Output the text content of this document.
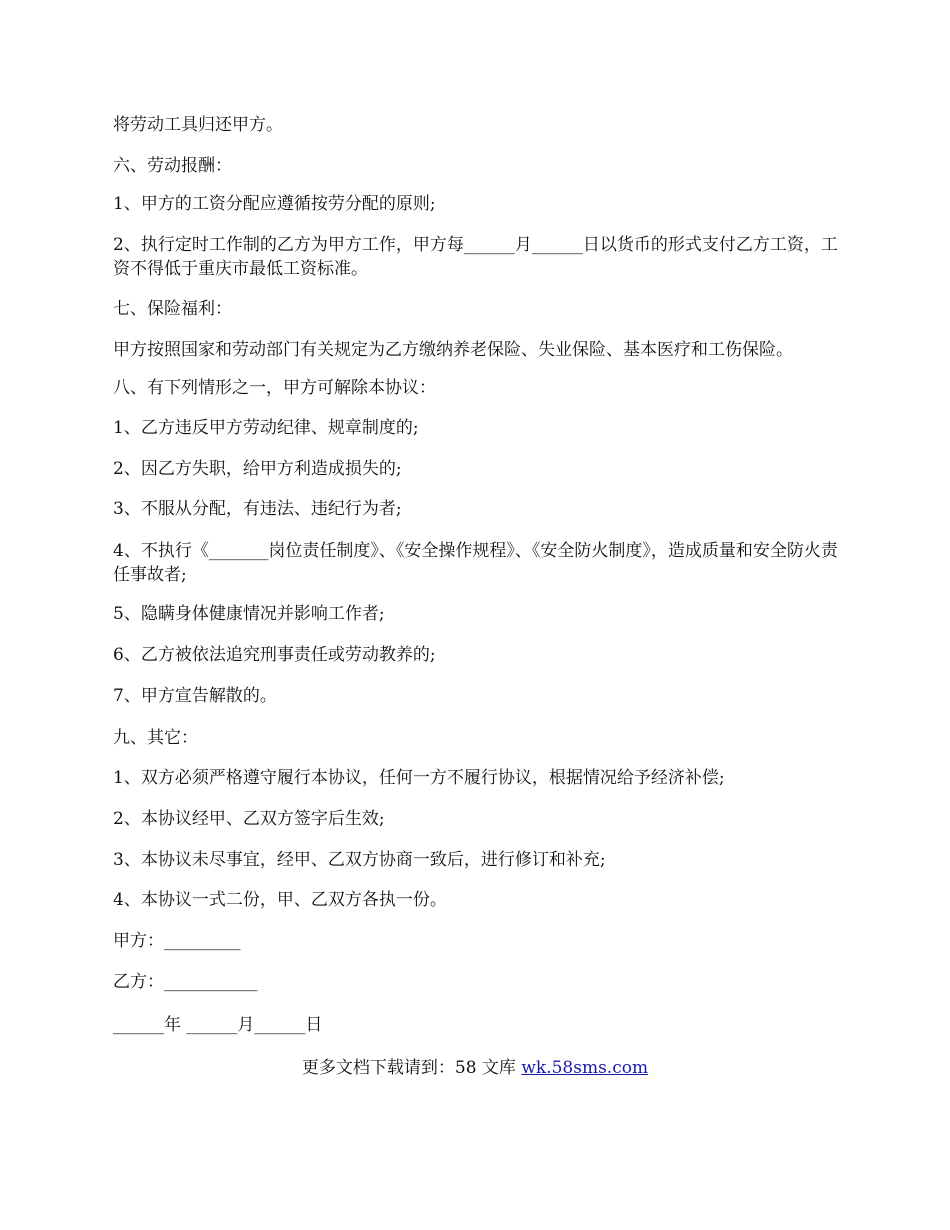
将劳动工具归还甲方。
六、劳动报酬：
1、甲方的工资分配应遵循按劳分配的原则;
2、执行定时工作制的乙方为甲方工作，甲方每______月______日以货币的形式支付乙方工资，工资不得低于重庆市最低工资标准。
七、保险福利：
甲方按照国家和劳动部门有关规定为乙方缴纳养老保险、失业保险、基本医疗和工伤保险。
八、有下列情形之一，甲方可解除本协议：
1、乙方违反甲方劳动纪律、规章制度的;
2、因乙方失职，给甲方利造成损失的;
3、不服从分配，有违法、违纪行为者;
4、不执行《_______岗位责任制度》、《安全操作规程》、《安全防火制度》，造成质量和安全防火责任事故者;
5、隐瞒身体健康情况并影响工作者;
6、乙方被依法追究刑事责任或劳动教养的;
7、甲方宣告解散的。
九、其它：
1、双方必须严格遵守履行本协议，任何一方不履行协议，根据情况给予经济补偿;
2、本协议经甲、乙双方签字后生效;
3、本协议未尽事宜，经甲、乙双方协商一致后，进行修订和补充;
4、本协议一式二份，甲、乙双方各执一份。
甲方：_________
乙方：___________
______年 ______月______日
更多文档下载请到：58 文库 wk.58sms.com
